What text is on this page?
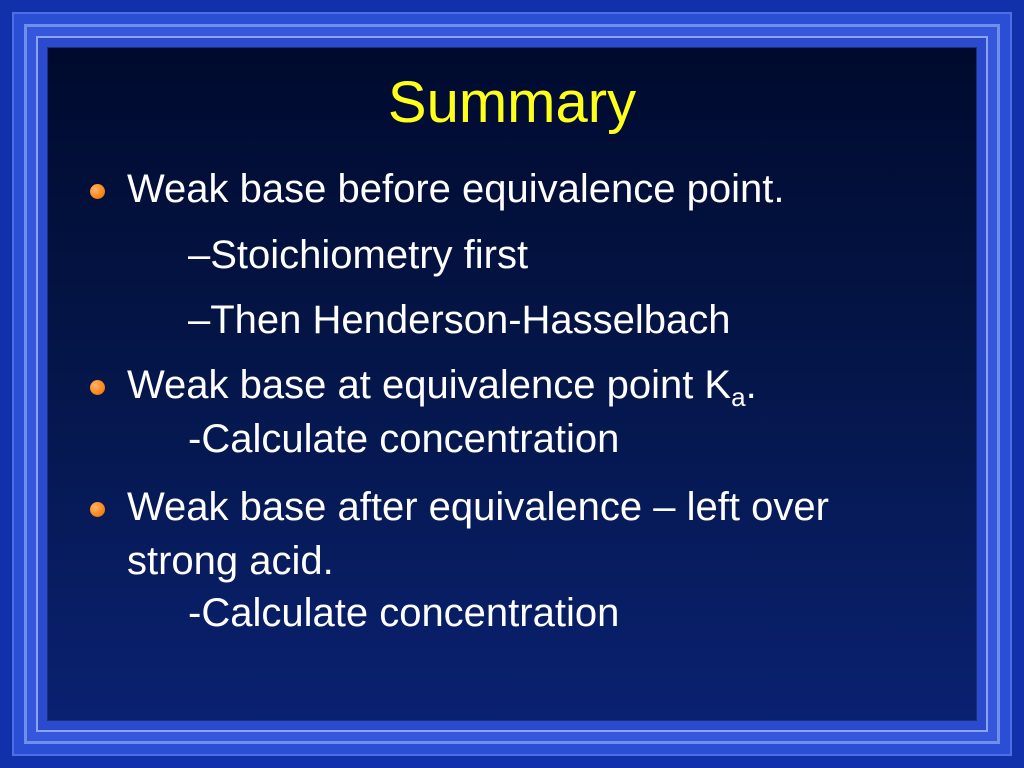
Summary

Weak base before equivalence point.

–Stoichiometry first

–Then Henderson-Hasselbach

Weak base at equivalence point $K_a$.

-Calculate concentration

Weak base after equivalence – left over

strong acid.

-Calculate concentration
